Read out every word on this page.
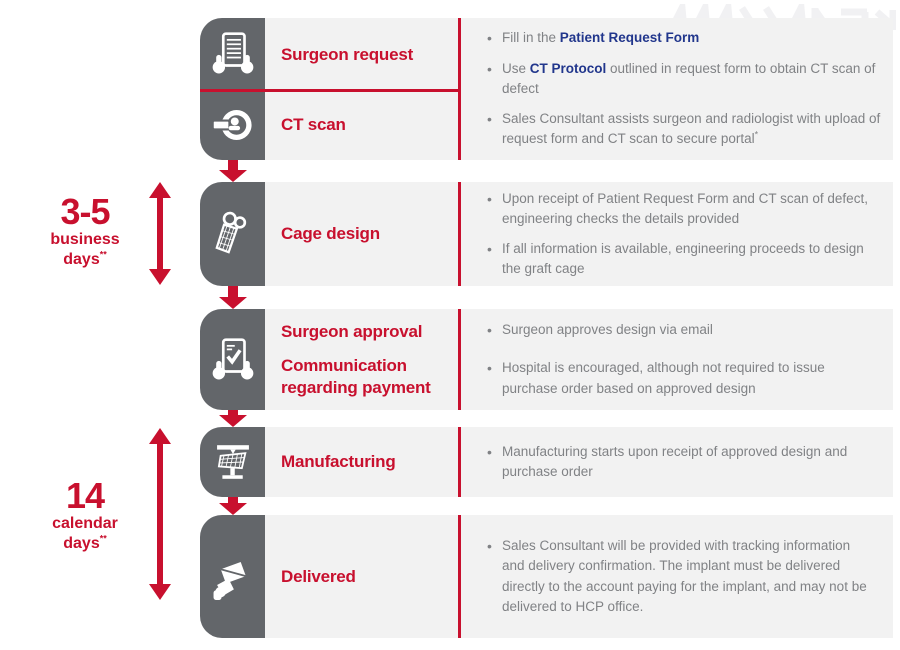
3-5
business
days**
14
calendar
days**
Surgeon request
CT scan
• Fill in the Patient Request Form
• Use CT Protocol outlined in request form to obtain CT scan of defect
• Sales Consultant assists surgeon and radiologist with upload of request form and CT scan to secure portal*
Cage design
• Upon receipt of Patient Request Form and CT scan of defect, engineering checks the details provided
• If all information is available, engineering proceeds to design the graft cage
Surgeon approval
Communication regarding payment
• Surgeon approves design via email
• Hospital is encouraged, although not required to issue purchase order based on approved design
Manufacturing
• Manufacturing starts upon receipt of approved design and purchase order
Delivered
• Sales Consultant will be provided with tracking information and delivery confirmation. The implant must be delivered directly to the account paying for the implant, and may not be delivered to HCP office.
